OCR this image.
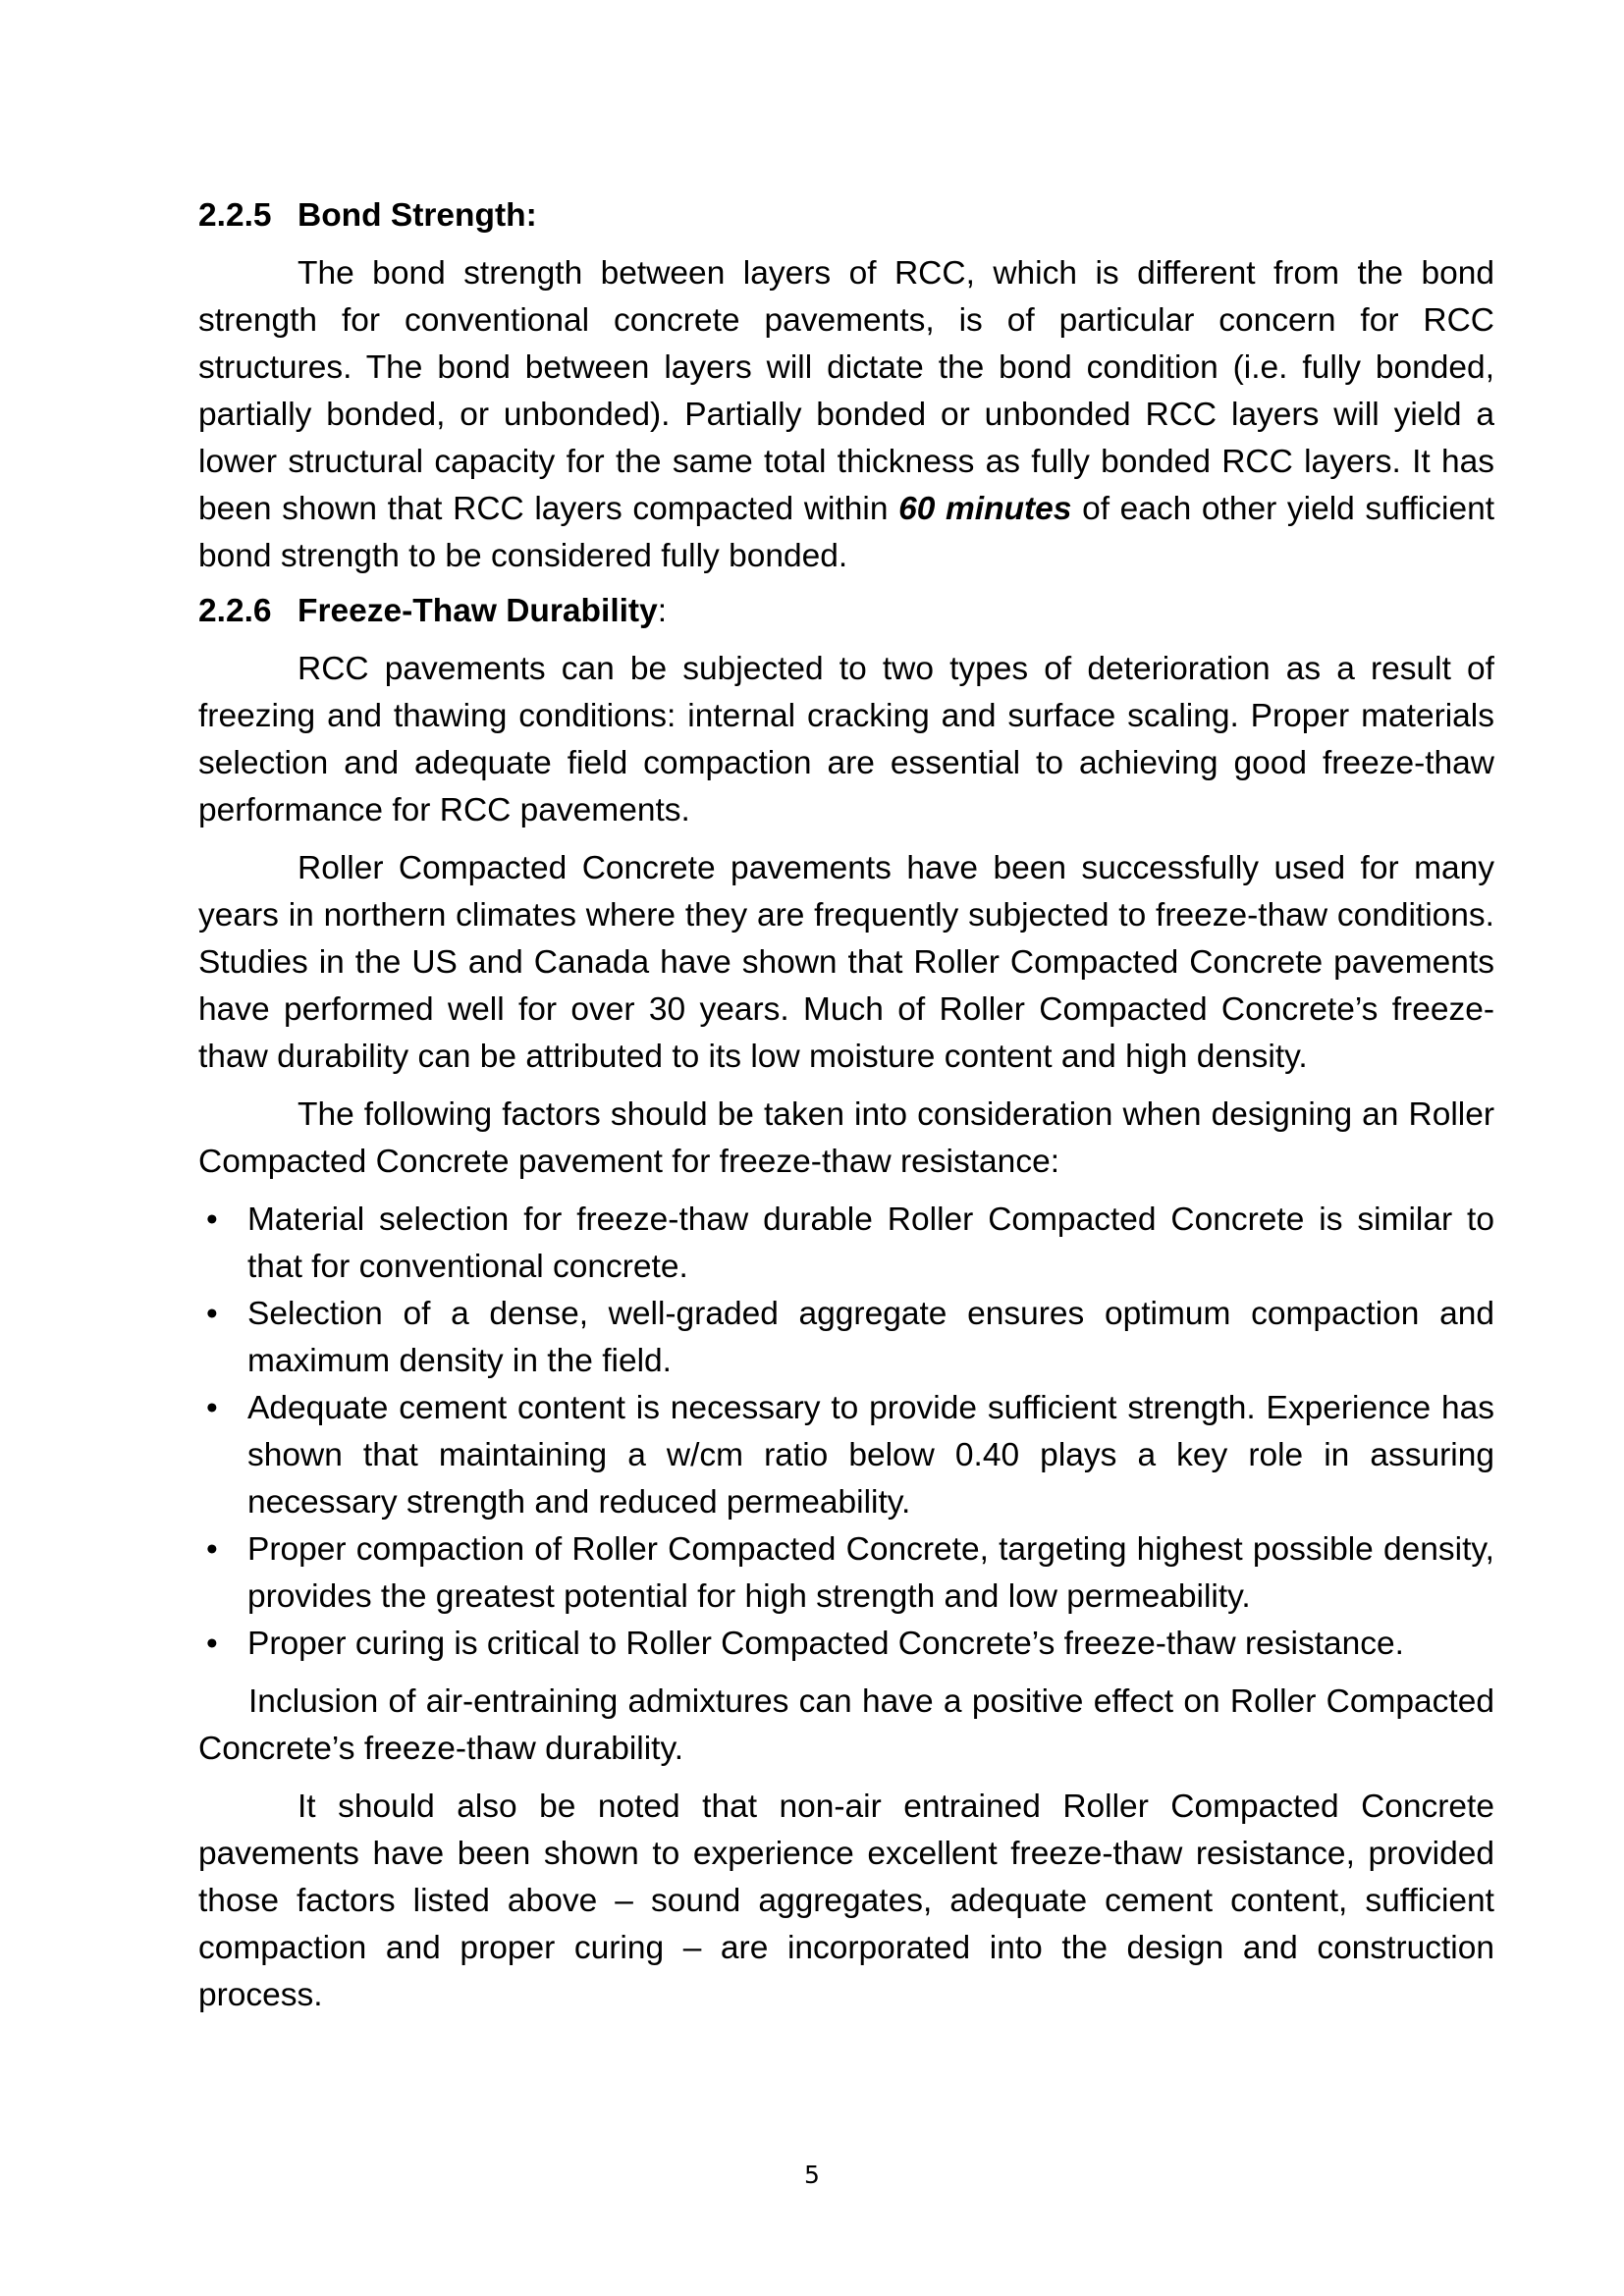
2.2.5 Bond Strength:

The bond strength between layers of RCC, which is different from the bond strength for conventional concrete pavements, is of particular concern for RCC structures. The bond between layers will dictate the bond condition (i.e. fully bonded, partially bonded, or unbonded). Partially bonded or unbonded RCC layers will yield a lower structural capacity for the same total thickness as fully bonded RCC layers. It has been shown that RCC layers compacted within 60 minutes of each other yield sufficient bond strength to be considered fully bonded.

2.2.6 Freeze-Thaw Durability:

RCC pavements can be subjected to two types of deterioration as a result of freezing and thawing conditions: internal cracking and surface scaling. Proper materials selection and adequate field compaction are essential to achieving good freeze-thaw performance for RCC pavements.

Roller Compacted Concrete pavements have been successfully used for many years in northern climates where they are frequently subjected to freeze-thaw conditions. Studies in the US and Canada have shown that Roller Compacted Concrete pavements have performed well for over 30 years. Much of Roller Compacted Concrete’s freeze-thaw durability can be attributed to its low moisture content and high density.

The following factors should be taken into consideration when designing an Roller Compacted Concrete pavement for freeze-thaw resistance:

• Material selection for freeze-thaw durable Roller Compacted Concrete is similar to that for conventional concrete.
• Selection of a dense, well-graded aggregate ensures optimum compaction and maximum density in the field.
• Adequate cement content is necessary to provide sufficient strength. Experience has shown that maintaining a w/cm ratio below 0.40 plays a key role in assuring necessary strength and reduced permeability.
• Proper compaction of Roller Compacted Concrete, targeting highest possible density, provides the greatest potential for high strength and low permeability.
• Proper curing is critical to Roller Compacted Concrete’s freeze-thaw resistance.

Inclusion of air-entraining admixtures can have a positive effect on Roller Compacted Concrete’s freeze-thaw durability.

It should also be noted that non-air entrained Roller Compacted Concrete pavements have been shown to experience excellent freeze-thaw resistance, provided those factors listed above – sound aggregates, adequate cement content, sufficient compaction and proper curing – are incorporated into the design and construction process.

5
